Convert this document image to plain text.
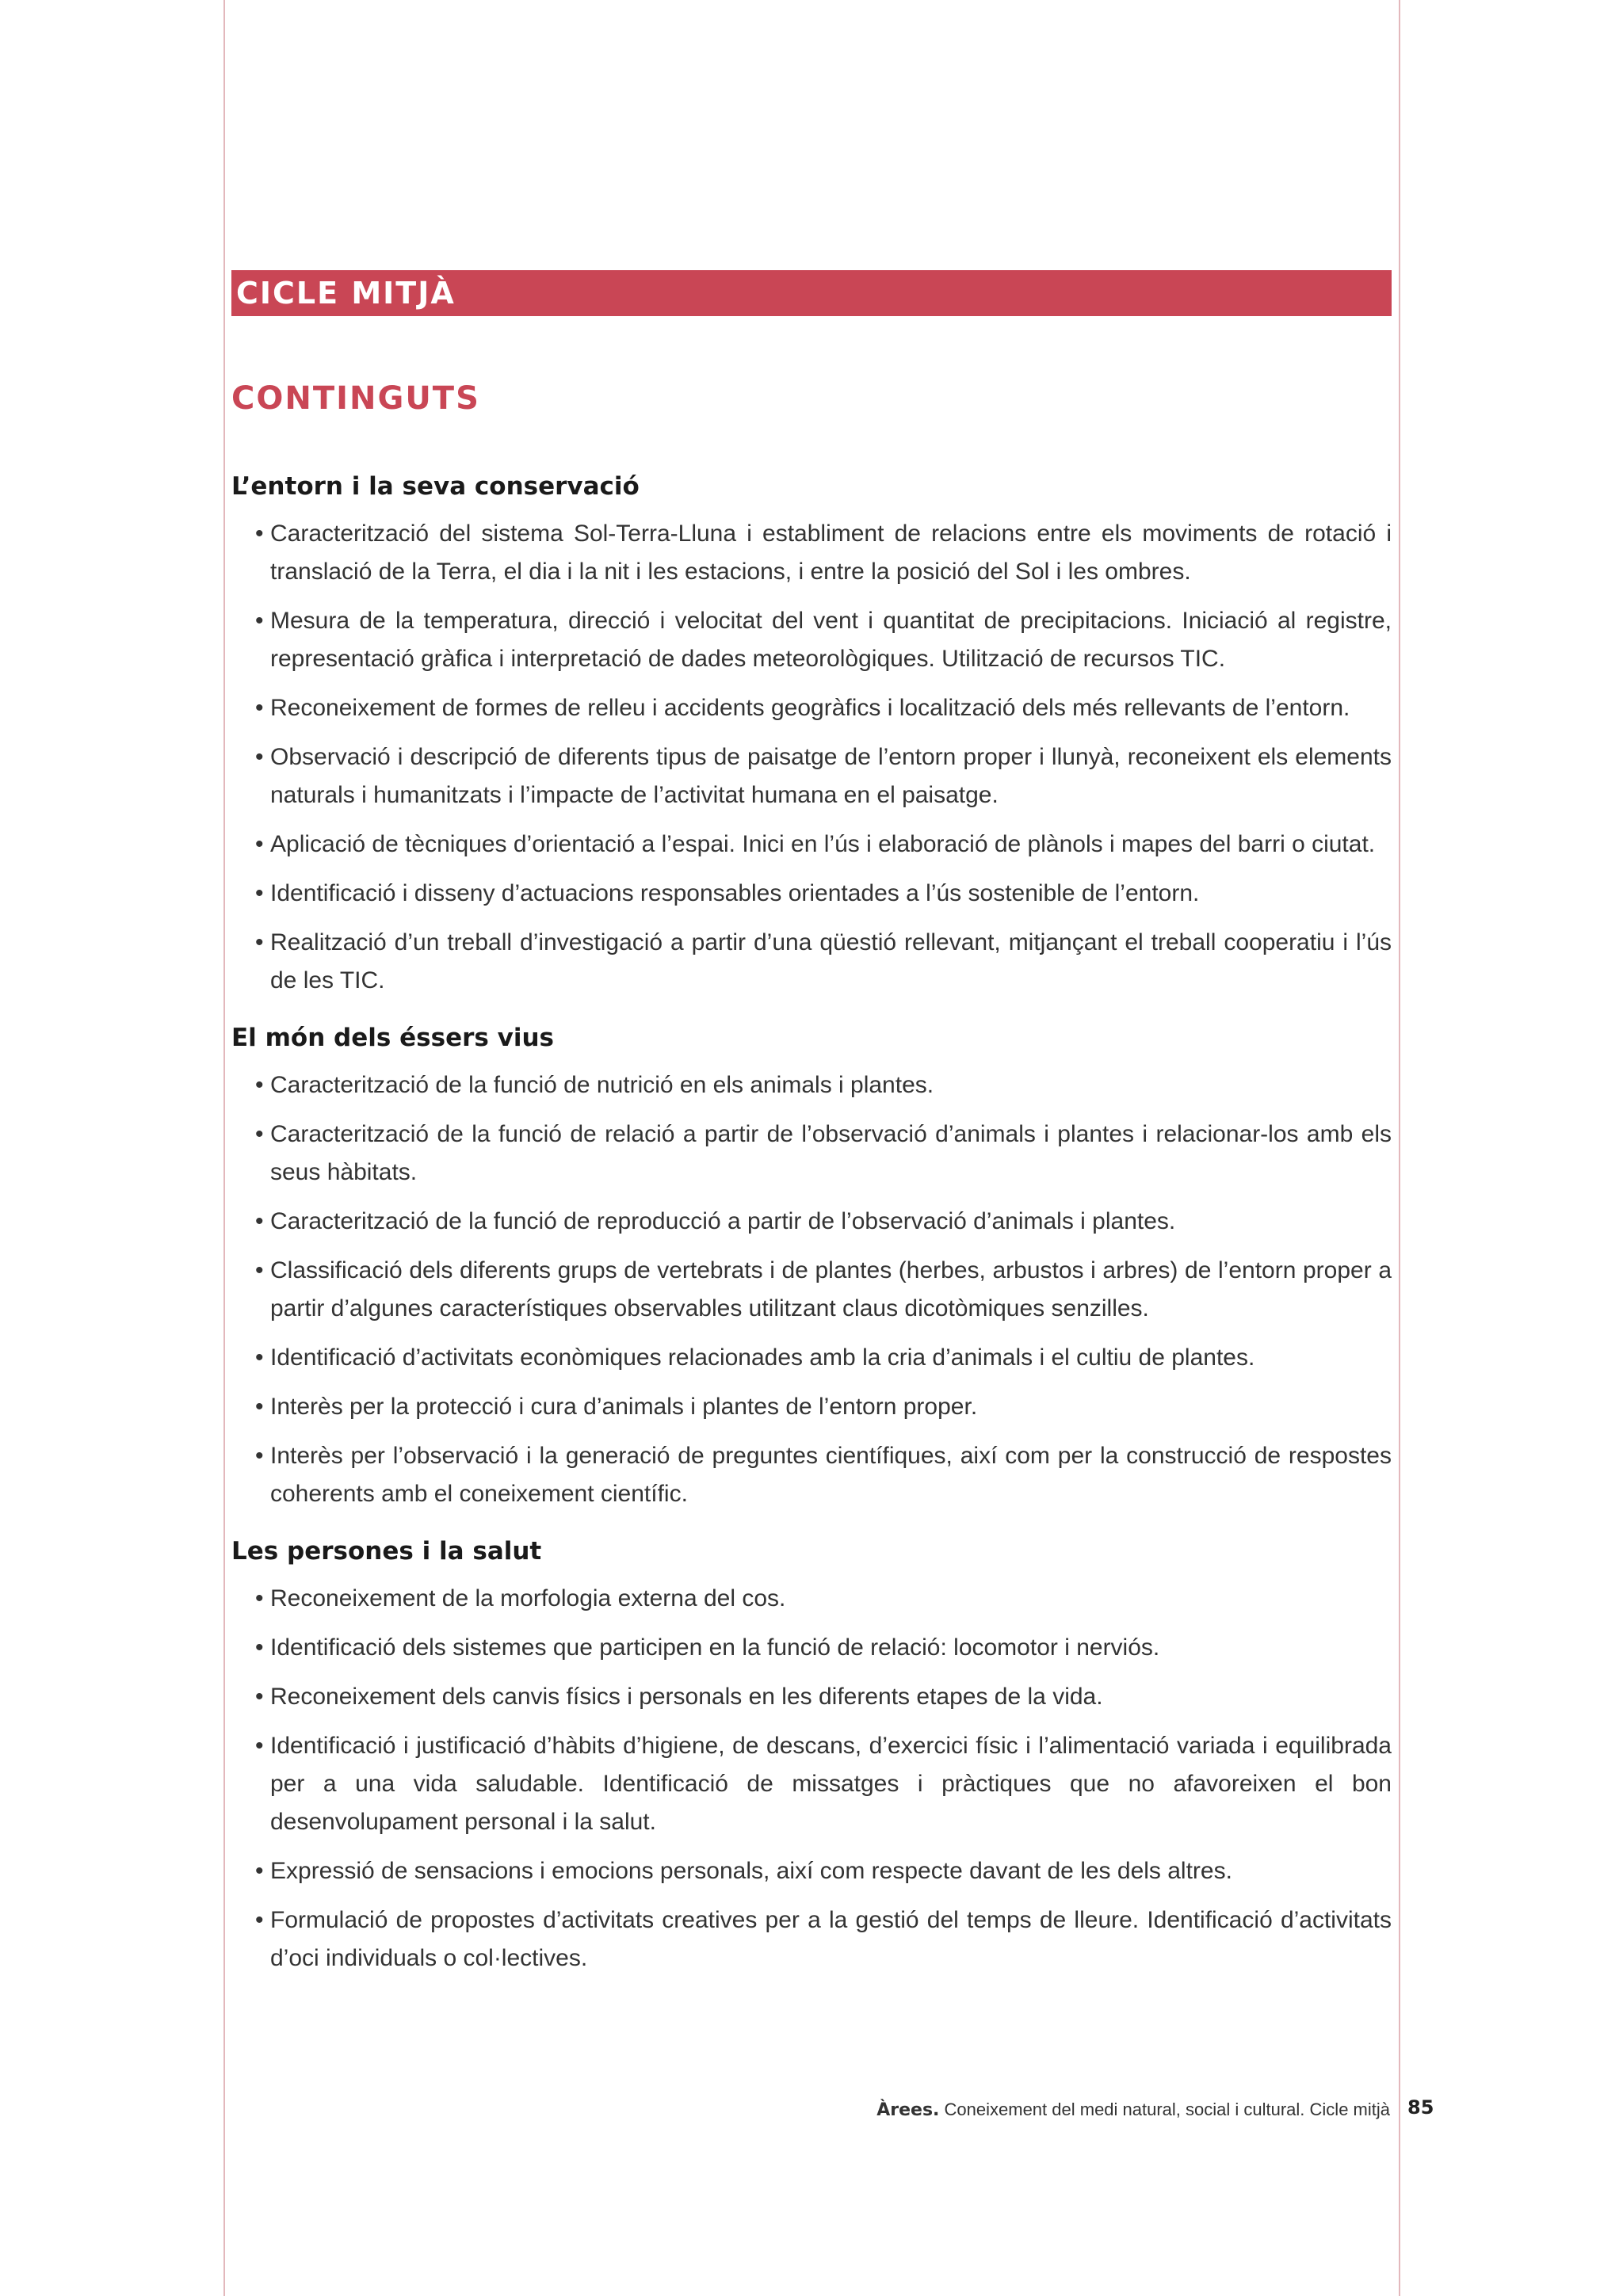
CICLE MITJÀ
CONTINGUTS
L’entorn i la seva conservació
• Caracterització del sistema Sol-Terra-Lluna i establiment de relacions entre els moviments de rotació i translació de la Terra, el dia i la nit i les estacions, i entre la posició del Sol i les ombres.
• Mesura de la temperatura, direcció i velocitat del vent i quantitat de precipitacions. Iniciació al registre, representació gràfica i interpretació de dades meteorològiques. Utilització de recursos TIC.
• Reconeixement de formes de relleu i accidents geogràfics i localització dels més rellevants de l’entorn.
• Observació i descripció de diferents tipus de paisatge de l’entorn proper i llunyà, reconeixent els elements naturals i humanitzats i l’impacte de l’activitat humana en el paisatge.
• Aplicació de tècniques d’orientació a l’espai. Inici en l’ús i elaboració de plànols i mapes del barri o ciutat.
• Identificació i disseny d’actuacions responsables orientades a l’ús sostenible de l’entorn.
• Realització d’un treball d’investigació a partir d’una qüestió rellevant, mitjançant el treball cooperatiu i l’ús de les TIC.
El món dels éssers vius
• Caracterització de la funció de nutrició en els animals i plantes.
• Caracterització de la funció de relació a partir de l’observació d’animals i plantes i relacionar-los amb els seus hàbitats.
• Caracterització de la funció de reproducció a partir de l’observació d’animals i plantes.
• Classificació dels diferents grups de vertebrats i de plantes (herbes, arbustos i arbres) de l’entorn proper a partir d’algunes característiques observables utilitzant claus dicotòmiques senzilles.
• Identificació d’activitats econòmiques relacionades amb la cria d’animals i el cultiu de plantes.
• Interès per la protecció i cura d’animals i plantes de l’entorn proper.
• Interès per l’observació i la generació de preguntes científiques, així com per la construcció de respostes coherents amb el coneixement científic.
Les persones i la salut
• Reconeixement de la morfologia externa del cos.
• Identificació dels sistemes que participen en la funció de relació: locomotor i nerviós.
• Reconeixement dels canvis físics i personals en les diferents etapes de la vida.
• Identificació i justificació d’hàbits d’higiene, de descans, d’exercici físic i l’alimentació variada i equilibrada per a una vida saludable. Identificació de missatges i pràctiques que no afavoreixen el bon desenvolupament personal i la salut.
• Expressió de sensacions i emocions personals, així com respecte davant de les dels altres.
• Formulació de propostes d’activitats creatives per a la gestió del temps de lleure. Identificació d’activitats d’oci individuals o col·lectives.
Àrees. Coneixement del medi natural, social i cultural. Cicle mitjà 85
